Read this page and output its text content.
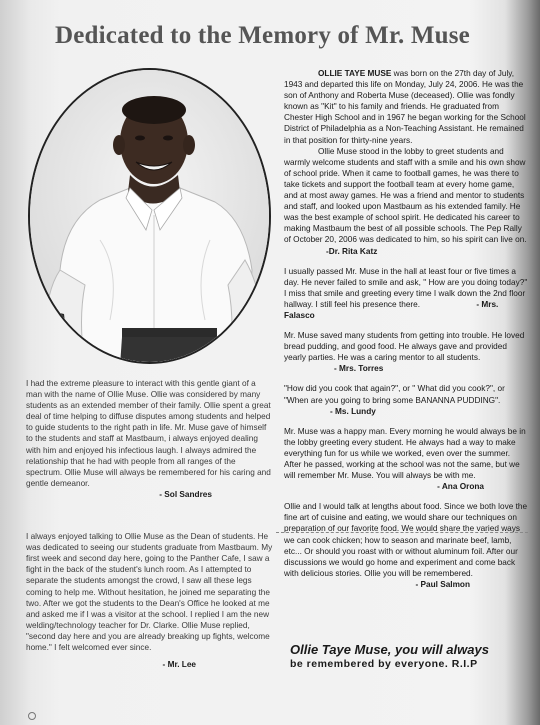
Dedicated to the Memory of Mr. Muse

OLLIE TAYE MUSE was born on the 27th day of July, 1943 and departed this life on Monday, July 24, 2006. He was the son of Anthony and Roberta Muse (deceased). Ollie was fondly known as "Kit" to his family and friends. He graduated from Chester High School and in 1967 he began working for the School District of Philadelphia as a Non-Teaching Assistant. He remained in that position for thirty-nine years.

Ollie Muse stood in the lobby to greet students and warmly welcome students and staff with a smile and his own show of school pride. When it came to football games, he was there to take tickets and support the football team at every home game, and at most away games. He was a friend and mentor to students and staff, and looked upon Mastbaum as his extended family. He was the best example of school spirit. He dedicated his career to making Mastbaum the best of all possible schools. The Pep Rally of October 20, 2006 was dedicated to him, so his spirit can live on. -Dr. Rita Katz

I usually passed Mr. Muse in the hall at least four or five times a day. He never failed to smile and ask, " How are you doing today?" I miss that smile and greeting every time I walk down the 2nd floor hallway. I still feel his presence there.	- Mrs. Falasco
Mr. Muse saved many students from getting into trouble. He loved bread pudding, and good food. He always gave and provided yearly parties. He was a caring mentor to all students. - Mrs. Torres
"How did you cook that again?", or " What did you cook?", or "When are you going to bring some BANANNA PUDDING". - Ms. Lundy
Mr. Muse was a happy man. Every morning he would always be in the lobby greeting every student. He always had a way to make everything fun for us while we worked, even over the summer. After he passed, working at the school was not the same, but we will remember Mr. Muse. You will always be with me.
- Ana Orona
Ollie and I would talk at lengths about food. Since we both love the fine art of cuisine and eating, we would share our techniques on preparation of our favorite food. We would share the varied ways we can cook chicken; how to season and marinate beef, lamb, etc... Or should you roast with or without aluminum foil. After our discussions we would go home and experiment and come back with delicious stories. Ollie you will be remembered.
- Paul Salmon

I had the extreme pleasure to interact with this gentle giant of a man with the name of Ollie Muse. Ollie was considered by many students as an extended member of their family. Ollie spent a great deal of time helping to diffuse disputes among students and helped to guide students to the right path in life. Mr. Muse gave of himself to the students and staff at Mastbaum, i always enjoyed dealing with him and enjoyed his infectious laugh. I always admired the relationship that he had with people from all ranges of the spectrum. Ollie Muse will always be remembered for his caring and gentle demeanor.

- Sol Sandres

I always enjoyed talking to Ollie Muse as the Dean of students. He was dedicated to seeing our students graduate from Mastbaum. My first week and second day here, going to the Panther Cafe, I saw a fight in the back of the student's lunch room. As I attempted to separate the students amongst the crowd, I saw all these legs coming to help me. Without hesitation, he joined me separating the two. After we got the students to the Dean's Office he looked at me and asked me if I was a visitor at the school. I replied I am the new welding/technology teacher for Dr. Clarke. Ollie Muse replied, "second day here and you are already breaking up fights, welcome home." I felt welcomed ever since.

- Mr. Lee
Ollie Taye Muse, you will always
be remembered by everyone. R.I.P
